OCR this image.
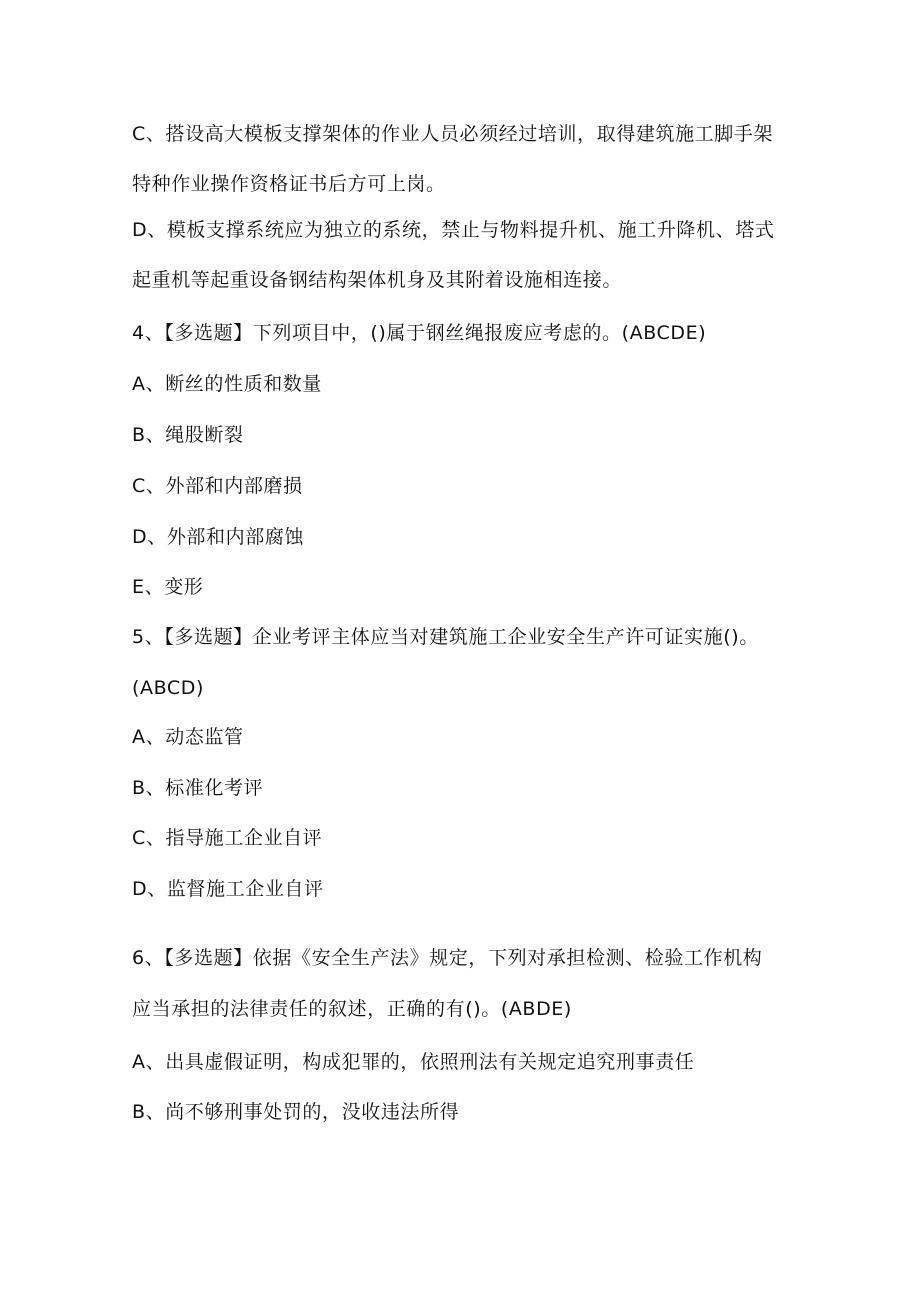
C、搭设高大模板支撑架体的作业人员必须经过培训，取得建筑施工脚手架
特种作业操作资格证书后方可上岗。
D、模板支撑系统应为独立的系统，禁止与物料提升机、施工升降机、塔式
起重机等起重设备钢结构架体机身及其附着设施相连接。
4、【多选题】下列项目中，()属于钢丝绳报废应考虑的。(ABCDE)
A、断丝的性质和数量
B、绳股断裂
C、外部和内部磨损
D、外部和内部腐蚀
E、变形
5、【多选题】企业考评主体应当对建筑施工企业安全生产许可证实施()。
(ABCD)
A、动态监管
B、标准化考评
C、指导施工企业自评
D、监督施工企业自评
6、【多选题】依据《安全生产法》规定，下列对承担检测、检验工作机构
应当承担的法律责任的叙述，正确的有()。(ABDE)
A、出具虚假证明，构成犯罪的，依照刑法有关规定追究刑事责任
B、尚不够刑事处罚的，没收违法所得
